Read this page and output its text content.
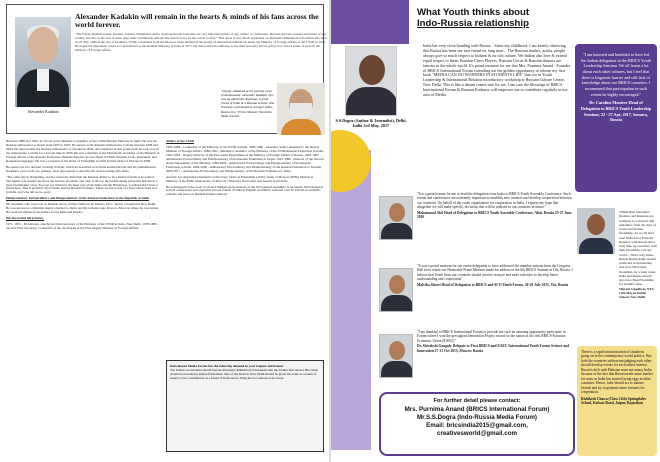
Alexander Kadakin
Alexander Kadakin will remain in the hearts & minds of his fans across the world forever.
"The Patriot (Indian) leader, Teacher, Scholar, Filmmaker, Artist, Sportsperson & Journalist are very important pillars of any culture or civilisation. Because the past, present and future of any country revolve on the axis of these only, their contribution remains the asset forever for the whole society." This quote is very much applicable on Alexander Mikhailovich Kadakin who born on 22 July, 1949 in the city of Kishinev, USSR. Graduated from the Moscow State Institute (University) of International Relations under the Ministry of Foreign Affairs of the USSR in 1972. He began his diplomatic career as a probationer at the Russian Embassy in India in 1971. He then joined the embassy as the third secretary before going on to hold a series of posts in the Ministry of Foreign Affairs.
"Deeply saddened at the passing away of Ambassador Alexander Kadakin who was an admirable diplomat, a great friend of India & a Russian scholar who tirelessly contributed to stronger India-Russia ties," Prime Minister Narendra Modi tweeted.

Between 1989 and 1992, he served as the Minister-Counsellor of the USSR/Russian Embassy in India. He was the Russian ambassador to Nepal from 1993 to 1997. He served as the Russian Ambassador to India between 1999 and 2004. He then became the Russian ambassador to Sweden in 2004, and remained in that position till he took over as the Ambassador to India for a second time in 2009. He was a member of the Diplomatic Academy of the Ministry of Foreign Affairs of the Russian Federation. Besides Russian, he was fluent in Hindi, English, Urdu, Romanian, and Romanian languages. He was a recipient of the Order of Friendship in 2016 and the Order of Honour in 2009.

He spent over two decades working in India, which he described as both his karma-bhoomi and his janmabhoomi. Kadakin's own words are, perhaps, most appropriate to describe his close bonding with India.

"The other day in Darjeeling, an idea struck my mind that the Russian ability to be a friend of India is so natural. The higher you ascend, the more the horizon broadens, and only at the top the breath-taking panorama unfolds in a most breathtaking view. You can say whatever the heart says about India and the Himalayas. I realised that I have a friend here. That is probably my formula and the Russian formula." These are the words of a man whose heart was in India, and who left us too early.

Plenipotentiary Extraordinary and Plenipotentiary of the Russian Federation to the Republic of India

Mr. Kadakin, who took over as Russian envoy in New Delhi on 26 January 2017, died in a hospital in New Delhi. He was known as a diplomat deeply attached to India, and his remains were flown to Moscow where he was buried. He received tributes from leaders across India and Russia.

His Successful life journey:

1971, 1972 - Probationer, attaché and third secretary of the Embassy of the USSR in India, New Delhi. 1978-1983 - Second, First Secretary, Counsellor of the Secretariat of the First Deputy Minister of Foreign Affairs.

Affairs of the USSR

1983-1986 - Counsellor of the Embassy of the USSR in India. 1986-1989 - Assistant, Senior Assistant to the Deputy Minister of Foreign Affairs. 1989-1992 - Minister-Counsellor of the Embassy of the USSR/Russian Federation in India. 1992-1993 - Deputy Director of the First Asian Department of the Ministry of Foreign Affairs of Russia. 1993-1997 - Ambassador Extraordinary and Plenipotentiary of the Russian Federation to Nepal. 1997-1999 - Director of the Second Asian Department of the Ministry. 1999-2004 - Ambassador Extraordinary and Plenipotentiary of the Russian Federation to India. 2004-2009 - Ambassador Extraordinary and Plenipotentiary of the Russian Federation to Sweden. 2009-2017 - Ambassador Extraordinary and Plenipotentiary of the Russian Federation to India.

Awards: Accompanied Chairman's Collections; Order of Friendship (2016); Order of Honour (2009); Medals in Memory of the 850th Anniversary of Moscow; Honorary Doctorates and Awards from India.

He participated in the work of several delegations in sessions of the UN General Assembly as an expert. Participated in several conferences and organised several rounds of talks in English and Hindi; authored over 50 articles in scientific journals and press on Russian-Indian relations.

Indo-Russia Media Forum has the following demand in your request and honour
The Indian Government should honour Alexander Mikhailovich Kadakin with the Padma Shri Award. His statue should be installed in Indian Parliament. One of the Road in New Delhi should be given his name as a token of respect to his contribution as a friend of India and to bring the two nations even closer.
What Youth thinks about
Indo-Russia relationship
S.S.Dogra (Author & Journalist), Delhi, India 3rd May, 2017
India has very close bonding with Russia... Since my childhood, I am keenly observing that Russia has been our true friend for long time... The Russian leaders, artists, people always give so much respect to Indians & its rich culture. We Indian also love & extend equal respect to them. Russian Chess Players, Russian Circus & Russian dancers are famous in the whole world. It's proud moment for me that Mrs. Purnima Anand - Founder of BRICS International Forum extending me the golden opportunity to release my first book "MEDIA CAN DO WONDERS IN STUDENTS LIFE" that too in Youth Leadership & International Relation introductory workshop at Russian Culture Centre, New Delhi. This is like a dream comes true for me. I am sure the blessings of BRICS International Forum & Russian Embassy will empower me to contribute regularly in my area of Media.
"I am honored and humbled to have led the Indian delegation in the BRICS Youth Leadership Seminar. We all learnt a lot about each other cultures, but I feel that there is linguistic barrier and still lack of knowledge about our BRICS countries. I recommend that participation in such events be highly encouraged."
Dr. Caroline Monteer Head of Delegation to BRICS Youth Leadership Seminar, 22 - 27 Apr, 2017, Samara, Russia
"It is a great honour for me to head the delegation from India to BRICS Youth Assembly Conference. Such events and conferences are extremely important to establish new contacts and develop cooperation between our countries. On behalf of the youth organization for cooperation in India, I express my hope that altogether we will make specific decisions that will be realized in our countries in future."
Mohammad Akil Head of Delegation to BRICS Youth Assembly Conference, Altai, Russia 23-27 June 2016
"It was a proud moment for our entire delegation to have addressed the member nations from the Congress Hall from where our Honorable Prime Minister made his address in the 6th BRICS Summit at Ufa, Russia. I believe that Youth from our countries should involve in more and more activities to develop better understanding and cooperation"
Malvika Shoeri Head of Delegation to BRICS and SCO Youth Forum, 26-28 July 2015, Ufa, Russia
"I am thankful to BRICS International Forum to provide me such an amazing opportunity participate in Forum where I won the prestigious Innovation Project award for the nation at the first BRICS-Eurasian Economic Union (EAEU)"
Dr. Shivakshi Ganguly Delegate to First BRICS and EAEU International Youth Forum Science and Innovation 27-31 Oct 2015, Moscow Russia
"Hindi Rusi bhai-bhai" (Indians and Russians are brothers) is a slogan I still remember from the days of Soviet and Indian friendship. As we all have seen India had a Friendly Relation with Russia since long time ago and they with their friendship over the world... That's why India-Russia Relationship should promoted as Partnership and Govt Have their friendship for wrong cause India and Russia should also have Best Friendship for GOOD cause.
Vikrant Upadhyay NYS 12th Mayur Public School, New Delhi
There is a rapid transformation of situations going on in the contemporary world politics. But, both the countries without misjudging each other should develop events for each others interest. Russia's drift with Pakistan must not annoy India because of the fact that Russia needs more market for arms as India has started laying eggs in other countries. Hence, both should act as mature friends and try to generate more avenues for cooperation.
Rishikesh Chawa (Class 12th) Springdales School, Kalwar Road, Jaipur, Rajasthan
For further detail please contact:
Mrs. Purnima Anand (BRICS International Forum)
Mr.S.S.Dogra (Indo-Russia Media Forum)
Email: bricsindia2015@gmail.com,
creativesworld@gmail.com
